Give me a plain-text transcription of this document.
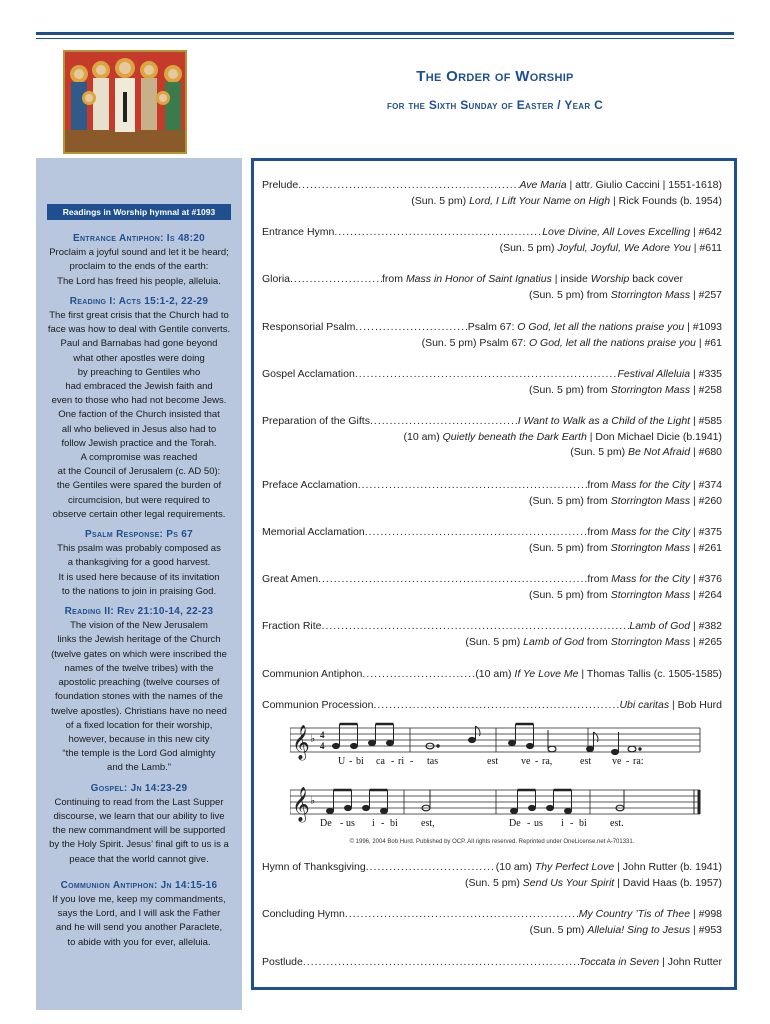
The Order of Worship
for the Sixth Sunday of Easter / Year C
Readings in Worship hymnal at #1093
Entrance Antiphon: Is 48:20
Proclaim a joyful sound and let it be heard;
proclaim to the ends of the earth:
The Lord has freed his people, alleluia.
Reading I: Acts 15:1-2, 22-29
The first great crisis that the Church had to
face was how to deal with Gentile converts.
Paul and Barnabas had gone beyond
what other apostles were doing
by preaching to Gentiles who
had embraced the Jewish faith and
even to those who had not become Jews.
One faction of the Church insisted that
all who believed in Jesus also had to
follow Jewish practice and the Torah.
A compromise was reached
at the Council of Jerusalem (c. AD 50):
the Gentiles were spared the burden of
circumcision, but were required to
observe certain other legal requirements.
Psalm Response: Ps 67
This psalm was probably composed as
a thanksgiving for a good harvest.
It is used here because of its invitation
to the nations to join in praising God.
Reading II: Rev 21:10-14, 22-23
The vision of the New Jerusalem
links the Jewish heritage of the Church
(twelve gates on which were inscribed the
names of the twelve tribes) with the
apostolic preaching (twelve courses of
foundation stones with the names of the
twelve apostles). Christians have no need
of a fixed location for their worship,
however, because in this new city
“the temple is the Lord God almighty
and the Lamb.”
Gospel: Jn 14:23-29
Continuing to read from the Last Supper
discourse, we learn that our ability to live
the new commandment will be supported
by the Holy Spirit. Jesus’ final gift to us is a
peace that the world cannot give.
Communion Antiphon: Jn 14:15-16
If you love me, keep my commandments,
says the Lord, and I will ask the Father
and he will send you another Paraclete,
to abide with you for ever, alleluia.
Prelude .....	Ave Maria | attr. Giulio Caccini | 1551-1618)
(Sun. 5 pm) Lord, I Lift Your Name on High | Rick Founds (b. 1954)
Entrance Hymn .....	Love Divine, All Loves Excelling | #642
(Sun. 5 pm) Joyful, Joyful, We Adore You | #611
Gloria .....	from Mass in Honor of Saint Ignatius | inside Worship back cover
(Sun. 5 pm) from Storrington Mass | #257
Responsorial Psalm .....	Psalm 67: O God, let all the nations praise you | #1093
(Sun. 5 pm) Psalm 67: O God, let all the nations praise you | #61
Gospel Acclamation .....	Festival Alleluia | #335
(Sun. 5 pm) from Storrington Mass | #258
Preparation of the Gifts .....	I Want to Walk as a Child of the Light | #585
(10 am) Quietly beneath the Dark Earth | Don Michael Dicie (b.1941)
(Sun. 5 pm) Be Not Afraid | #680
Preface Acclamation .....	from Mass for the City | #374
(Sun. 5 pm) from Storrington Mass | #260
Memorial Acclamation .....	from Mass for the City | #375
(Sun. 5 pm) from Storrington Mass | #261
Great Amen .....	from Mass for the City | #376
(Sun. 5 pm) from Storrington Mass | #264
Fraction Rite .....	Lamb of God | #382
(Sun. 5 pm) Lamb of God from Storrington Mass | #265
Communion Antiphon .....	(10 am) If Ye Love Me | Thomas Tallis (c. 1505-1585)
Communion Procession .....	Ubi caritas | Bob Hurd
𝄞 ♭ 4
4
U - bi ca - ri - tas	est ve - ra,	est ve - ra:
𝄞 ♭
De - us i - bi est,	De - us i - bi est.
© 1996, 2004 Bob Hurd. Published by OCP. All rights reserved. Reprinted under OneLicense.net A-701331.
Hymn of Thanksgiving .....	(10 am) Thy Perfect Love | John Rutter (b. 1941)
(Sun. 5 pm) Send Us Your Spirit | David Haas (b. 1957)
Concluding Hymn .....	My Country ’Tis of Thee | #998
(Sun. 5 pm) Alleluia! Sing to Jesus | #953
Postlude .....	Toccata in Seven | John Rutter
